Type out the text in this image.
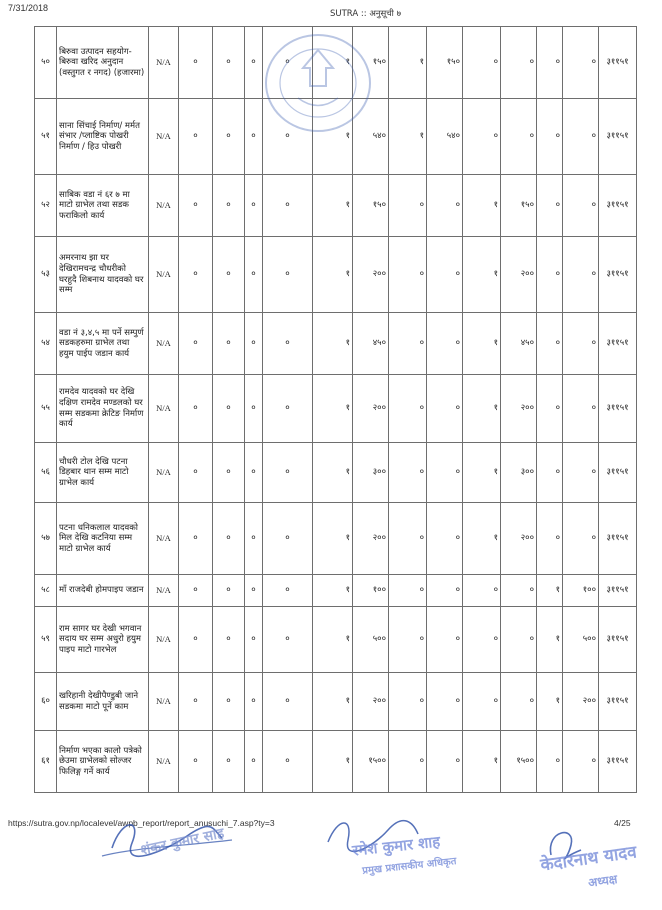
7/31/2018
SUTRA :: अनुसूची ७
५०	बिरुवा उत्पादन सहयोग-बिरुवा खरिद अनुदान (वस्तुगत र नगद) (हजारमा)	N/A	०	०	०	०	१	१५०	१	१५०	०	०	०	०	३११५१
५१	साना सिंचाई निर्माण/ मर्मत संभार /प्लाष्टिक पोखरी निर्माण / हिउ पोखरी	N/A	०	०	०	०	१	५४०	१	५४०	०	०	०	०	३११५१
५२	साबिक वडा नं ६र ७ मा माटो ग्राभेल तथा सडक फराकिलो कार्य	N/A	०	०	०	०	१	१५०	०	०	१	१५०	०	०	३११५१
५३	अमरनाथ झा घर देखिरामचन्द्र चौधरीको घरहुदै शिबनाथ यादवको घर सम्म	N/A	०	०	०	०	१	२००	०	०	१	२००	०	०	३११५१
५४	वडा नं ३,४,५ मा पर्ने सम्पुर्ण सडकहरुमा ग्राभेल तथा हयुम पाईप जडान कार्य	N/A	०	०	०	०	१	४५०	०	०	१	४५०	०	०	३११५१
५५	रामदेव यादवको घर देखि दक्षिण रामदेव मण्डलको घर सम्म सडकमा क्रेटिङ निर्माण कार्य	N/A	०	०	०	०	१	२००	०	०	१	२००	०	०	३११५१
५६	चौधरी टोल देखि पटना डिहबार थान सम्म माटो ग्राभेल कार्य	N/A	०	०	०	०	१	३००	०	०	१	३००	०	०	३११५१
५७	पटना धनिकलाल यादवको मिल देखि कटनिया सम्म माटो ग्राभेल कार्य	N/A	०	०	०	०	१	२००	०	०	१	२००	०	०	३११५१
५८	माँ राजदेबी होमपाइप जडान	N/A	०	०	०	०	१	१००	०	०	०	०	१	१००	३११५१
५९	राम सागर घर देखी भगवान सदाय घर सम्म अधुरो हयुम पाइप माटो गारभेल	N/A	०	०	०	०	१	५००	०	०	०	०	१	५००	३११५१
६०	खरिहानी देखीपैण्डुबी जाने सडकमा माटो पूर्ने काम	N/A	०	०	०	०	१	२००	०	०	०	०	१	२००	३११५१
६१	निर्माण भएका कालो पत्रेको छेउमा ग्राभेलको सोल्जर फिलिङ्ग गर्ने कार्य	N/A	०	०	०	०	१	१५००	०	०	१	१५००	०	०	३११५१
https://sutra.gov.np/localevel/awpb_report/report_anusuchi_7.asp?ty=3	4/25
शंकर कुमार साह	रमेश कुमार शाह
प्रमुख प्रशासकीय अधिकृत	केदारनाथ यादव
अध्यक्ष
